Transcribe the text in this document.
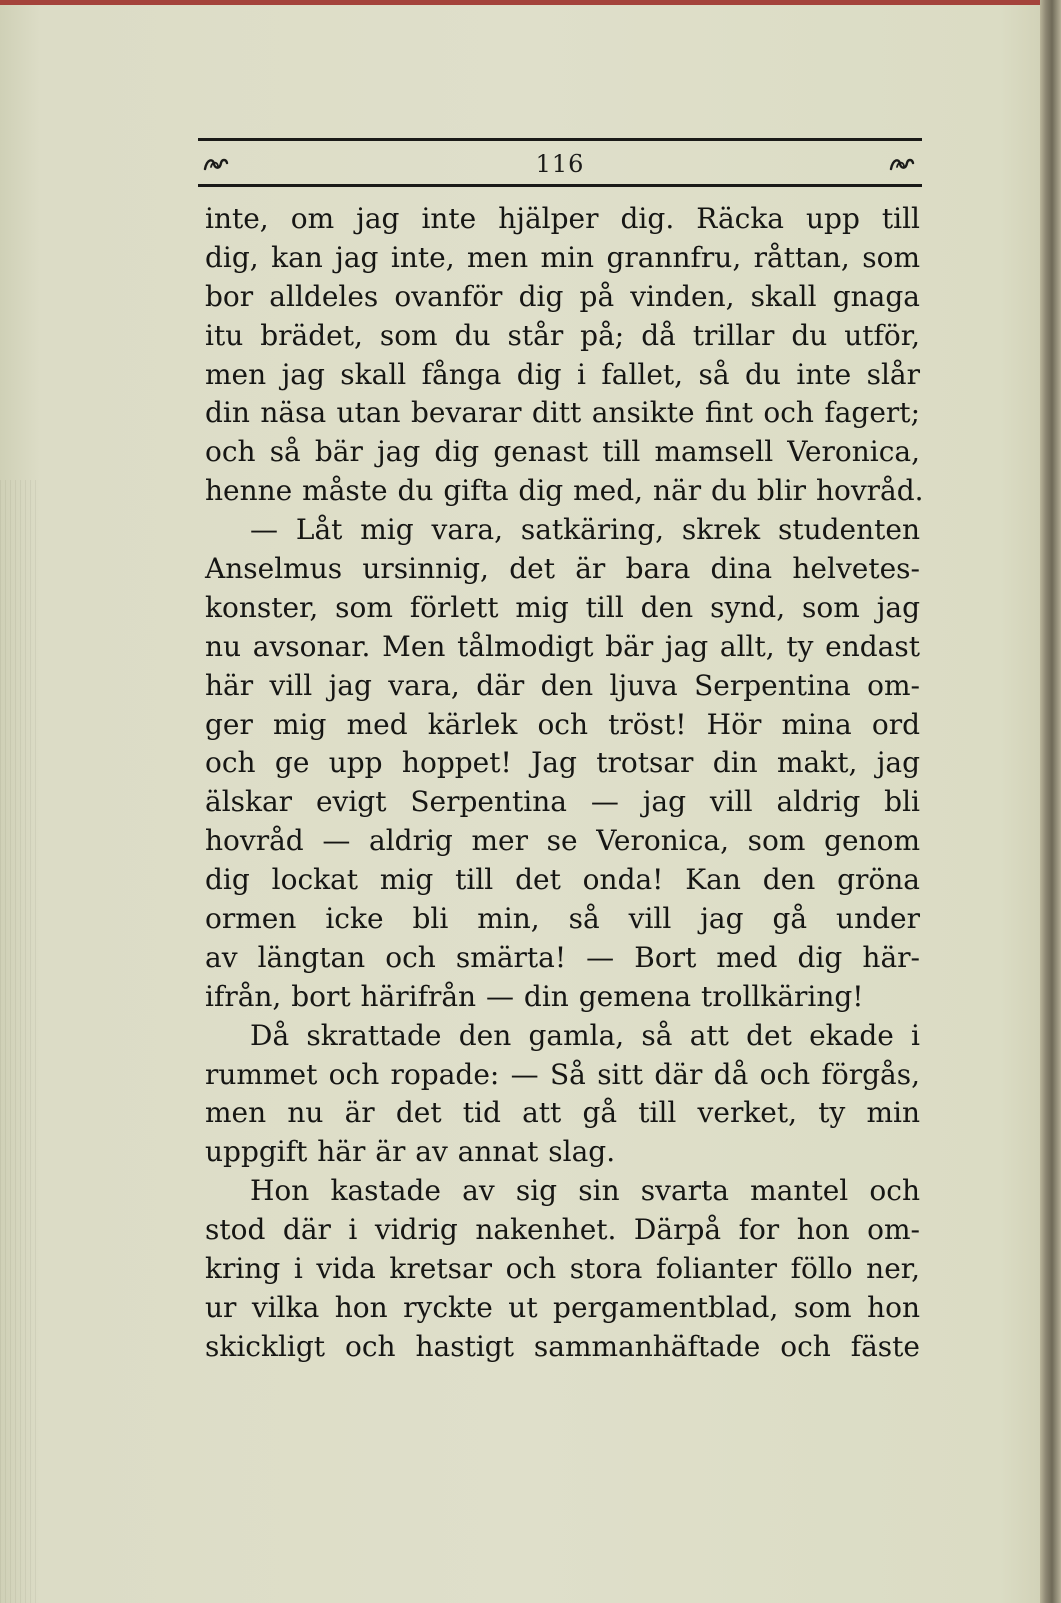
116
inte, om jag inte hjälper dig. Räcka upp till
dig, kan jag inte, men min grannfru, råttan, som
bor alldeles ovanför dig på vinden, skall gnaga
itu brädet, som du står på; då trillar du utför,
men jag skall fånga dig i fallet, så du inte slår
din näsa utan bevarar ditt ansikte fint och fagert;
och så bär jag dig genast till mamsell Veronica,
henne måste du gifta dig med, när du blir hovråd.
— Låt mig vara, satkäring, skrek studenten
Anselmus ursinnig, det är bara dina helvetes-
konster, som förlett mig till den synd, som jag
nu avsonar. Men tålmodigt bär jag allt, ty endast
här vill jag vara, där den ljuva Serpentina om-
ger mig med kärlek och tröst! Hör mina ord
och ge upp hoppet! Jag trotsar din makt, jag
älskar evigt Serpentina — jag vill aldrig bli
hovråd — aldrig mer se Veronica, som genom
dig lockat mig till det onda! Kan den gröna
ormen icke bli min, så vill jag gå under
av längtan och smärta! — Bort med dig här-
ifrån, bort härifrån — din gemena trollkäring!
Då skrattade den gamla, så att det ekade i
rummet och ropade: — Så sitt där då och förgås,
men nu är det tid att gå till verket, ty min
uppgift här är av annat slag.
Hon kastade av sig sin svarta mantel och
stod där i vidrig nakenhet. Därpå for hon om-
kring i vida kretsar och stora folianter föllo ner,
ur vilka hon ryckte ut pergamentblad, som hon
skickligt och hastigt sammanhäftade och fäste
